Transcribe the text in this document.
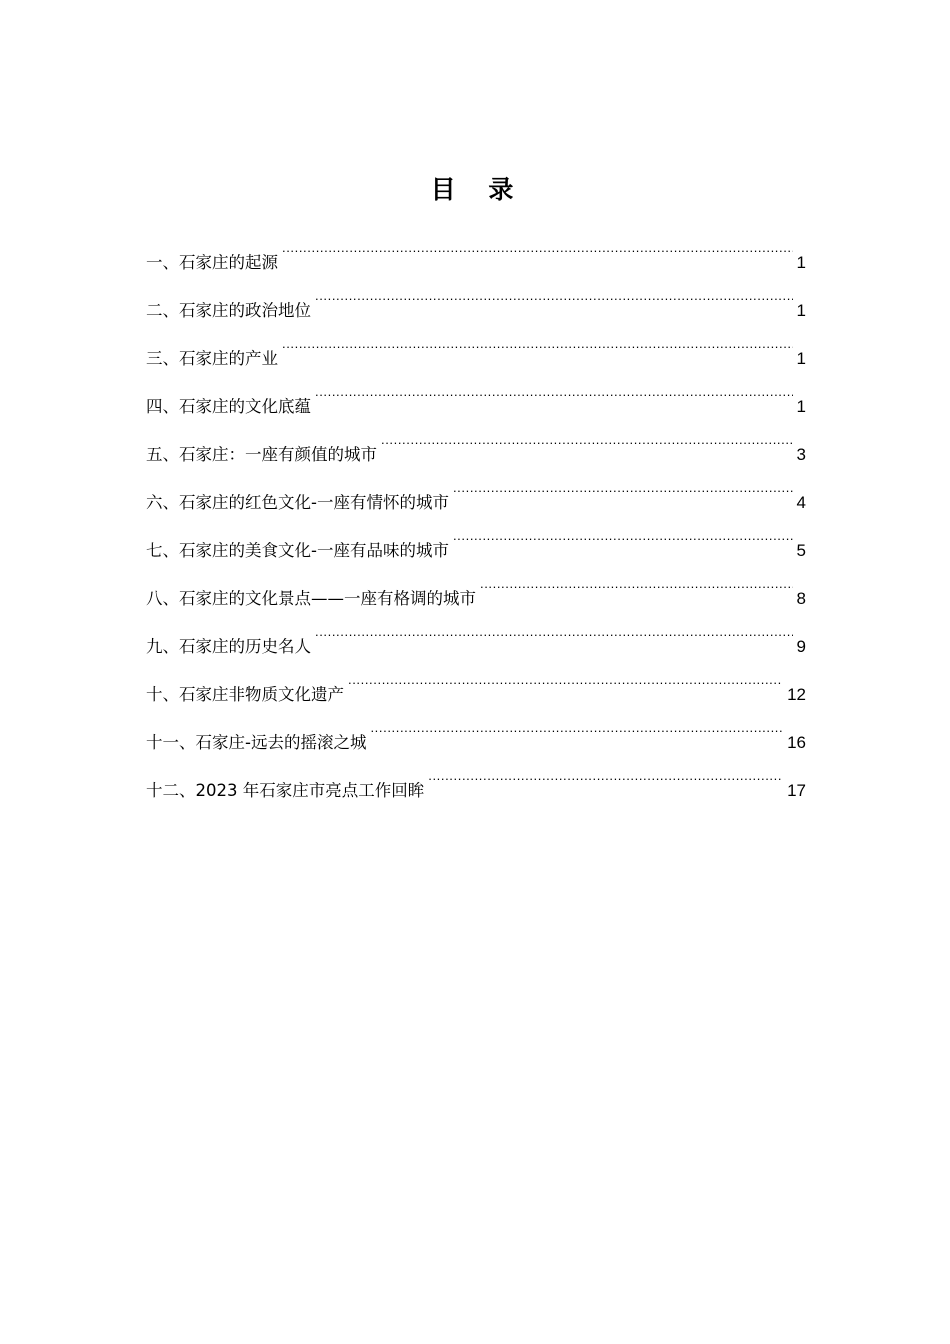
目 录
一、石家庄的起源 .....	1
二、石家庄的政治地位 .....	1
三、石家庄的产业 .....	1
四、石家庄的文化底蕴 .....	1
五、石家庄：一座有颜值的城市 .....	3
六、石家庄的红色文化-一座有情怀的城市 .....	4
七、石家庄的美食文化-一座有品味的城市 .....	5
八、石家庄的文化景点——一座有格调的城市 .....	8
九、石家庄的历史名人 .....	9
十、石家庄非物质文化遗产 .....	12
十一、石家庄-远去的摇滚之城 .....	16
十二、2023 年石家庄市亮点工作回眸 .....	17
